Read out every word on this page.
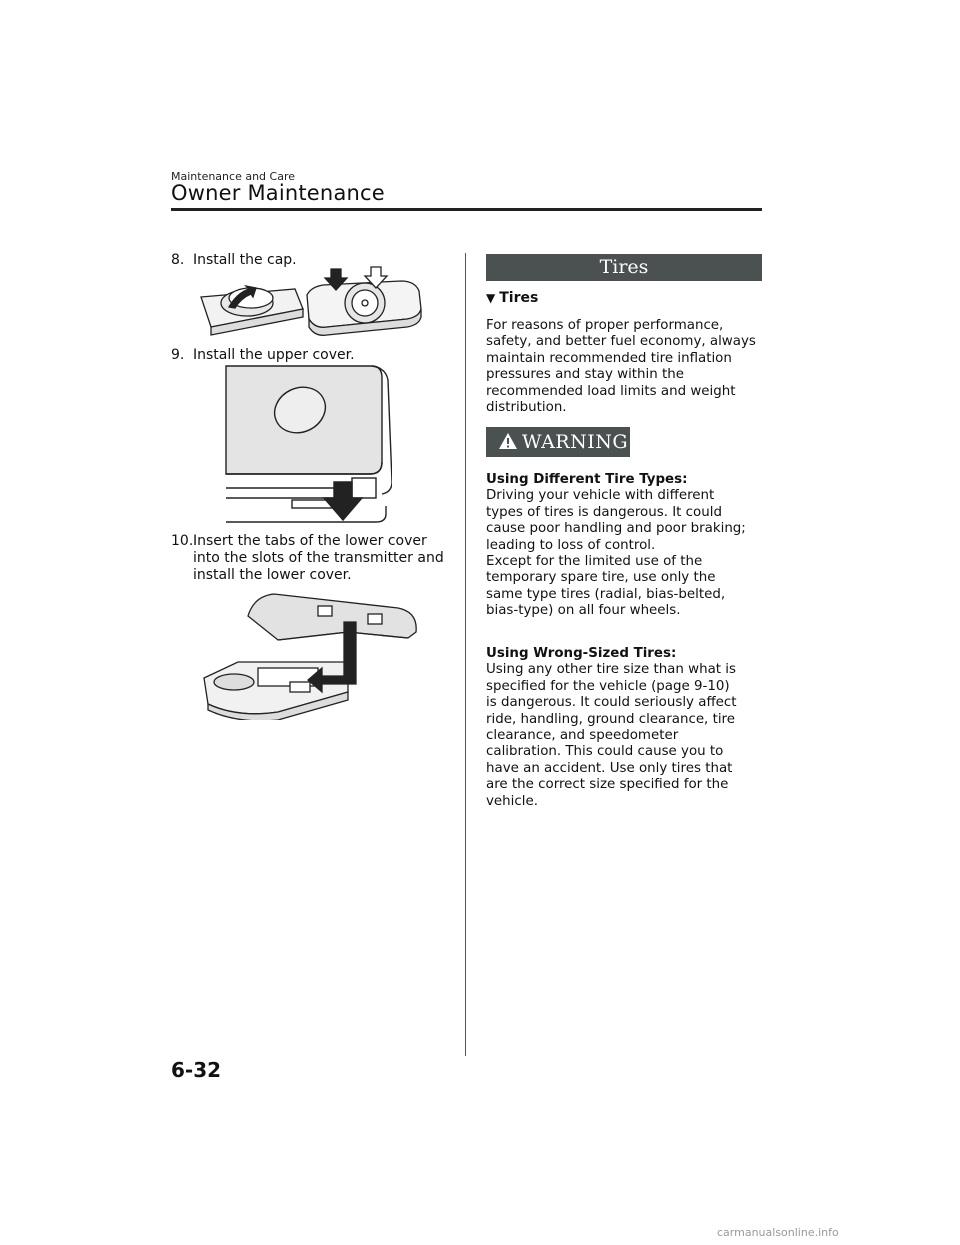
Maintenance and Care
Owner Maintenance
8. Install the cap.
9. Install the upper cover.
10. Insert the tabs of the lower cover
into the slots of the transmitter and
install the lower cover.
Tires
▼ Tires
For reasons of proper performance,
safety, and better fuel economy, always
maintain recommended tire inflation
pressures and stay within the
recommended load limits and weight
distribution.
WARNING
Using Different Tire Types:
Driving your vehicle with different
types of tires is dangerous. It could
cause poor handling and poor braking;
leading to loss of control.
Except for the limited use of the
temporary spare tire, use only the
same type tires (radial, bias-belted,
bias-type) on all four wheels.
Using Wrong-Sized Tires:
Using any other tire size than what is
specified for the vehicle (page 9-10)
is dangerous. It could seriously affect
ride, handling, ground clearance, tire
clearance, and speedometer
calibration. This could cause you to
have an accident. Use only tires that
are the correct size specified for the
vehicle.
6-32
carmanualsonline.info
